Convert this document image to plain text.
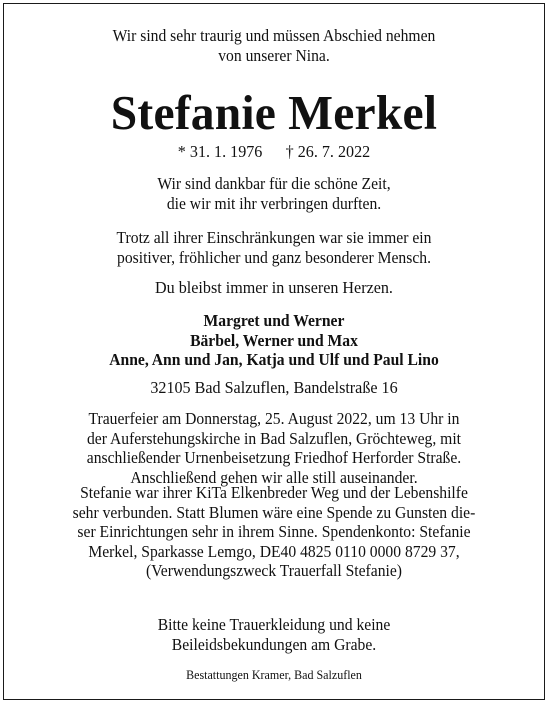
Wir sind sehr traurig und müssen Abschied nehmen
von unserer Nina.
Stefanie Merkel
* 31. 1. 1976 † 26. 7. 2022
Wir sind dankbar für die schöne Zeit,
die wir mit ihr verbringen durften.
Trotz all ihrer Einschränkungen war sie immer ein
positiver, fröhlicher und ganz besonderer Mensch.
Du bleibst immer in unseren Herzen.
Margret und Werner
Bärbel, Werner und Max
Anne, Ann und Jan, Katja und Ulf und Paul Lino
32105 Bad Salzuflen, Bandelstraße 16
Trauerfeier am Donnerstag, 25. August 2022, um 13 Uhr in
der Auferstehungskirche in Bad Salzuflen, Gröchteweg, mit
anschließender Urnenbeisetzung Friedhof Herforder Straße.
Anschließend gehen wir alle still auseinander.
Stefanie war ihrer KiTa Elkenbreder Weg und der Lebenshilfe
sehr verbunden. Statt Blumen wäre eine Spende zu Gunsten die-
ser Einrichtungen sehr in ihrem Sinne. Spendenkonto: Stefanie
Merkel, Sparkasse Lemgo, DE40 4825 0110 0000 8729 37,
(Verwendungszweck Trauerfall Stefanie)
Bitte keine Trauerkleidung und keine
Beileidsbekundungen am Grabe.
Bestattungen Kramer, Bad Salzuflen
